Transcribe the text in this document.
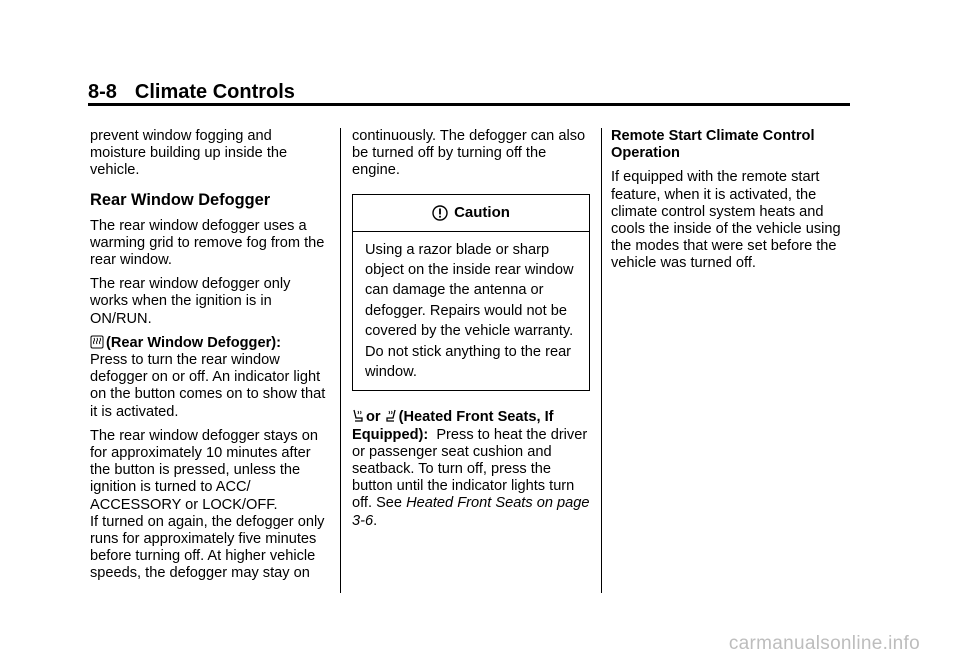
8-8 Climate Controls

prevent window fogging and moisture building up inside the vehicle.

Rear Window Defogger

The rear window defogger uses a warming grid to remove fog from the rear window.

The rear window defogger only works when the ignition is in ON/RUN.

(Rear Window Defogger):
Press to turn the rear window defogger on or off. An indicator light on the button comes on to show that it is activated.

The rear window defogger stays on for approximately 10 minutes after the button is pressed, unless the ignition is turned to ACC/ ACCESSORY or LOCK/OFF.

If turned on again, the defogger only runs for approximately five minutes before turning off. At higher vehicle speeds, the defogger may stay on

continuously. The defogger can also be turned off by turning off the engine.

Caution
Using a razor blade or sharp object on the inside rear window can damage the antenna or defogger. Repairs would not be covered by the vehicle warranty. Do not stick anything to the rear window.

or (Heated Front Seats, If Equipped): Press to heat the driver or passenger seat cushion and seatback. To turn off, press the button until the indicator lights turn off. See Heated Front Seats on page 3-6.

Remote Start Climate Control Operation

If equipped with the remote start feature, when it is activated, the climate control system heats and cools the inside of the vehicle using the modes that were set before the vehicle was turned off.

carmanualsonline.info
